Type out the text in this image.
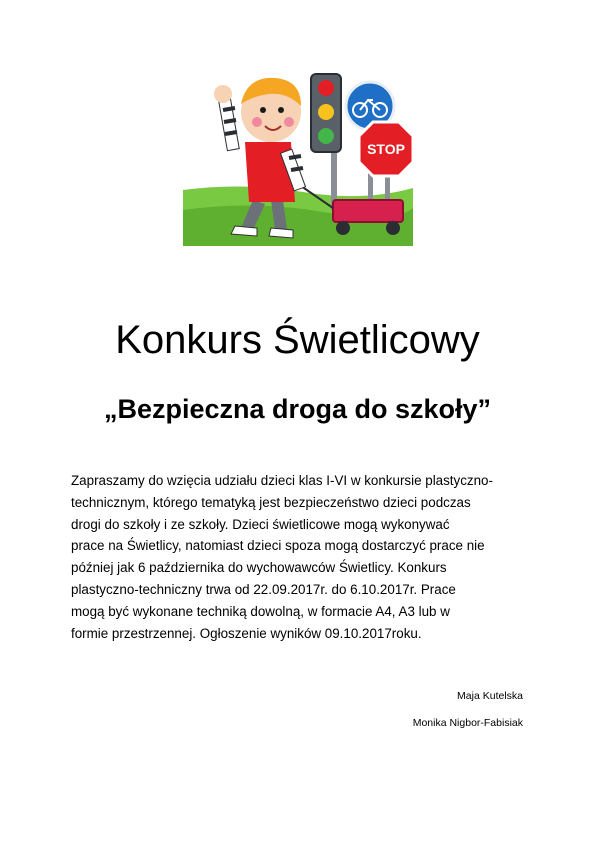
STOP
Konkurs Świetlicowy
„Bezpieczna droga do szkoły”

Zapraszamy do wzięcia udziału dzieci klas I-VI w konkursie plastyczno-
technicznym, którego tematyką jest bezpieczeństwo dzieci podczas
drogi do szkoły i ze szkoły. Dzieci świetlicowe mogą wykonywać
prace na Świetlicy, natomiast dzieci spoza mogą dostarczyć prace nie
później jak 6 października do wychowawców Świetlicy. Konkurs
plastyczno-techniczny trwa od 22.09.2017r. do 6.10.2017r. Prace
mogą być wykonane techniką dowolną, w formacie A4, A3 lub w
formie przestrzennej. Ogłoszenie wyników 09.10.2017roku.

Maja Kutelska

Monika Nigbor-Fabisiak
